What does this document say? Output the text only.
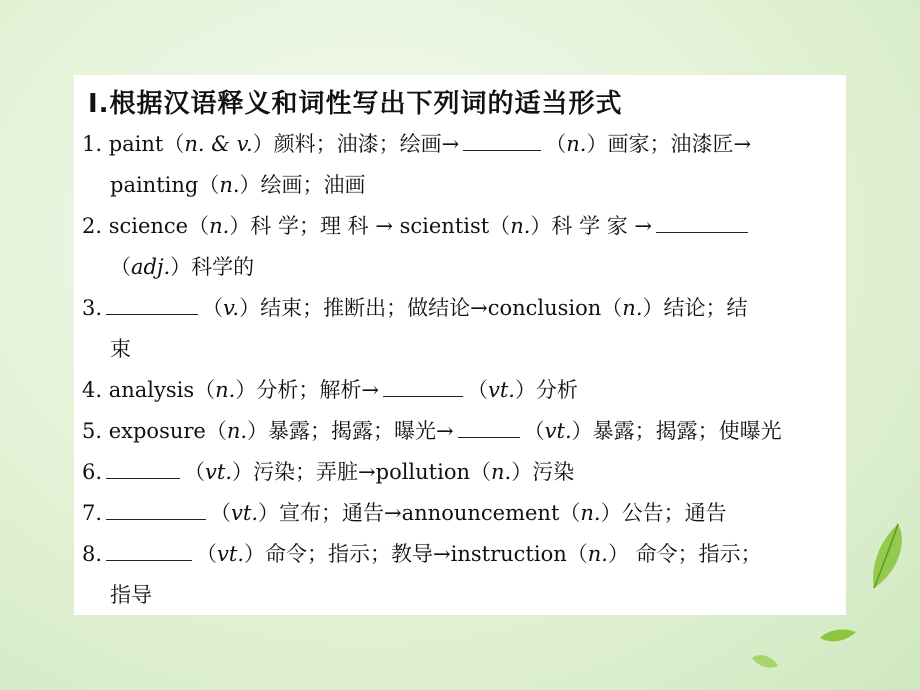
Ⅰ.根据汉语释义和词性写出下列词的适当形式
1. paint（n. & v.）颜料；油漆；绘画→	（n.）画家；油漆匠→
painting（n.）绘画；油画
2. science（n.）科 学；理 科 → scientist（n.）科 学 家 →
（adj.）科学的
3.	（v.）结束；推断出；做结论→conclusion（n.）结论；结
束
4. analysis（n.）分析；解析→	（vt.）分析
5. exposure（n.）暴露；揭露；曝光→	（vt.）暴露；揭露；使曝光
6.	（vt.）污染；弄脏→pollution（n.）污染
7.	（vt.）宣布；通告→announcement（n.）公告；通告
8.	（vt.）命令；指示；教导→instruction（n.） 命令；指示；
指导
